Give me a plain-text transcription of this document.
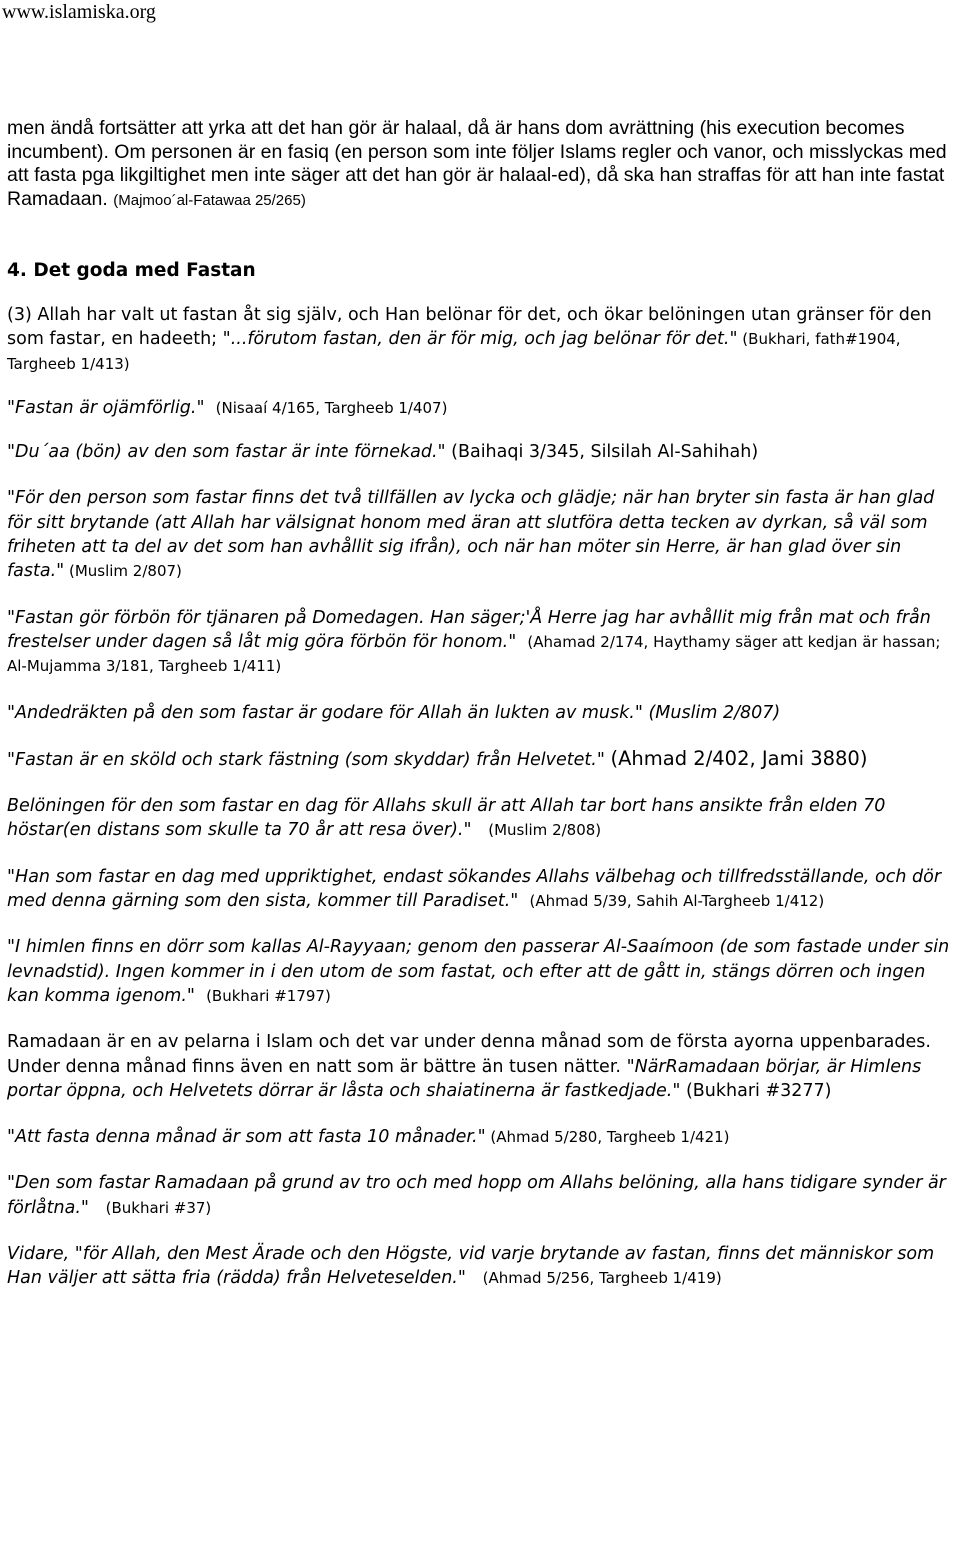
www.islamiska.org

men ändå fortsätter att yrka att det han gör är halaal, då är hans dom avrättning (his execution becomes incumbent). Om personen är en fasiq (en person som inte följer Islams regler och vanor, och misslyckas med att fasta pga likgiltighet men inte säger att det han gör är halaal-ed), då ska han straffas för att han inte fastat Ramadaan. (Majmoo´al-Fatawaa 25/265)

4. Det goda med Fastan

(3) Allah har valt ut fastan åt sig själv, och Han belönar för det, och ökar belöningen utan gränser för den som fastar, en hadeeth; "...förutom fastan, den är för mig, och jag belönar för det." (Bukhari, fath#1904, Targheeb 1/413)

"Fastan är ojämförlig." (Nisaaí 4/165, Targheeb 1/407)

"Du´aa (bön) av den som fastar är inte förnekad." (Baihaqi 3/345, Silsilah Al-Sahihah)

"För den person som fastar finns det två tillfällen av lycka och glädje; när han bryter sin fasta är han glad för sitt brytande (att Allah har välsignat honom med äran att slutföra detta tecken av dyrkan, så väl som friheten att ta del av det som han avhållit sig ifrån), och när han möter sin Herre, är han glad över sin fasta." (Muslim 2/807)

"Fastan gör förbön för tjänaren på Domedagen. Han säger;'Å Herre jag har avhållit mig från mat och från frestelser under dagen så låt mig göra förbön för honom." (Ahamad 2/174, Haythamy säger att kedjan är hassan; Al-Mujamma 3/181, Targheeb 1/411)

"Andedräkten på den som fastar är godare för Allah än lukten av musk." (Muslim 2/807)

"Fastan är en sköld och stark fästning (som skyddar) från Helvetet." (Ahmad 2/402, Jami 3880)

Belöningen för den som fastar en dag för Allahs skull är att Allah tar bort hans ansikte från elden 70 höstar(en distans som skulle ta 70 år att resa över)." (Muslim 2/808)

"Han som fastar en dag med uppriktighet, endast sökandes Allahs välbehag och tillfredsställande, och dör med denna gärning som den sista, kommer till Paradiset." (Ahmad 5/39, Sahih Al-Targheeb 1/412)

"I himlen finns en dörr som kallas Al-Rayyaan; genom den passerar Al-Saaímoon (de som fastade under sin levnadstid). Ingen kommer in i den utom de som fastat, och efter att de gått in, stängs dörren och ingen kan komma igenom." (Bukhari #1797)

Ramadaan är en av pelarna i Islam och det var under denna månad som de första ayorna uppenbarades. Under denna månad finns även en natt som är bättre än tusen nätter. "NärRamadaan börjar, är Himlens portar öppna, och Helvetets dörrar är låsta och shaiatinerna är fastkedjade." (Bukhari #3277)

"Att fasta denna månad är som att fasta 10 månader." (Ahmad 5/280, Targheeb 1/421)

"Den som fastar Ramadaan på grund av tro och med hopp om Allahs belöning, alla hans tidigare synder är förlåtna." (Bukhari #37)

Vidare, "för Allah, den Mest Ärade och den Högste, vid varje brytande av fastan, finns det människor som Han väljer att sätta fria (rädda) från Helveteselden." (Ahmad 5/256, Targheeb 1/419)
